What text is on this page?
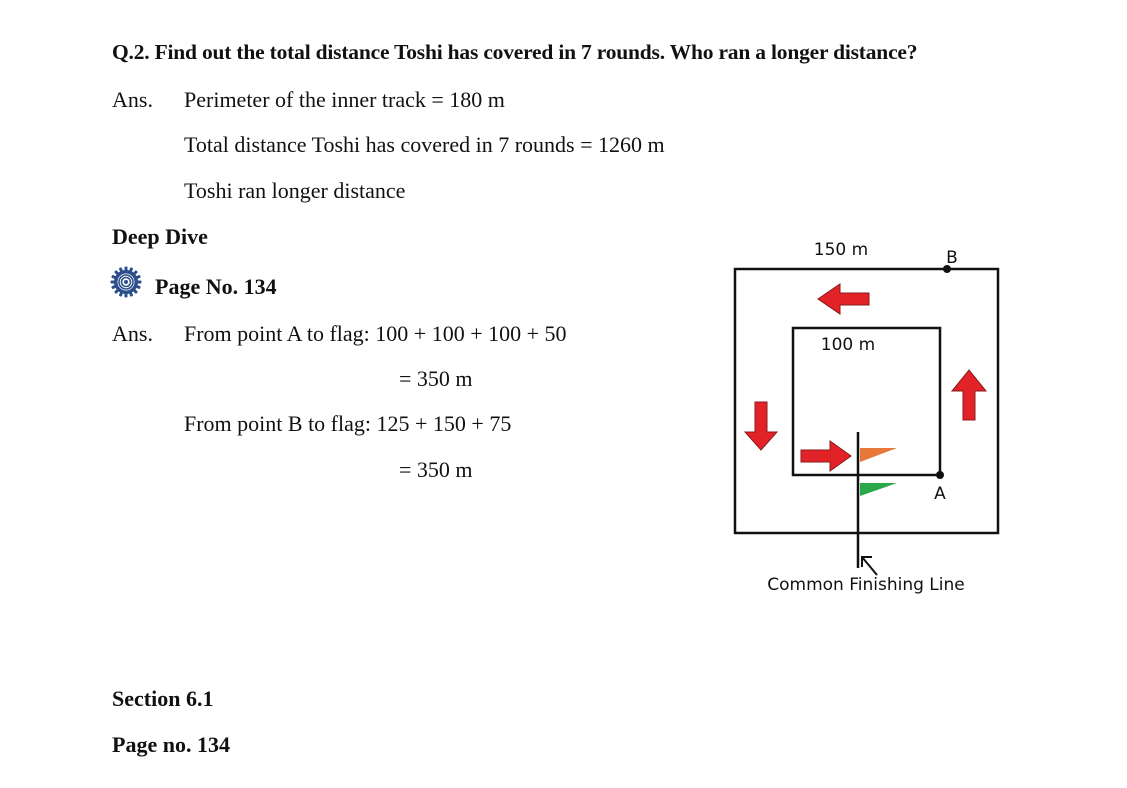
Q.2. Find out the total distance Toshi has covered in 7 rounds. Who ran a longer distance?
Ans. Perimeter of the inner track = 180 m
Total distance Toshi has covered in 7 rounds = 1260 m
Toshi ran longer distance
Deep Dive
Page No. 134
Ans. From point A to flag: 100 + 100 + 100 + 50
= 350 m
From point B to flag: 125 + 150 + 75
= 350 m
150 m
100 m
B
A
Common Finishing Line
Section 6.1
Page no. 134
